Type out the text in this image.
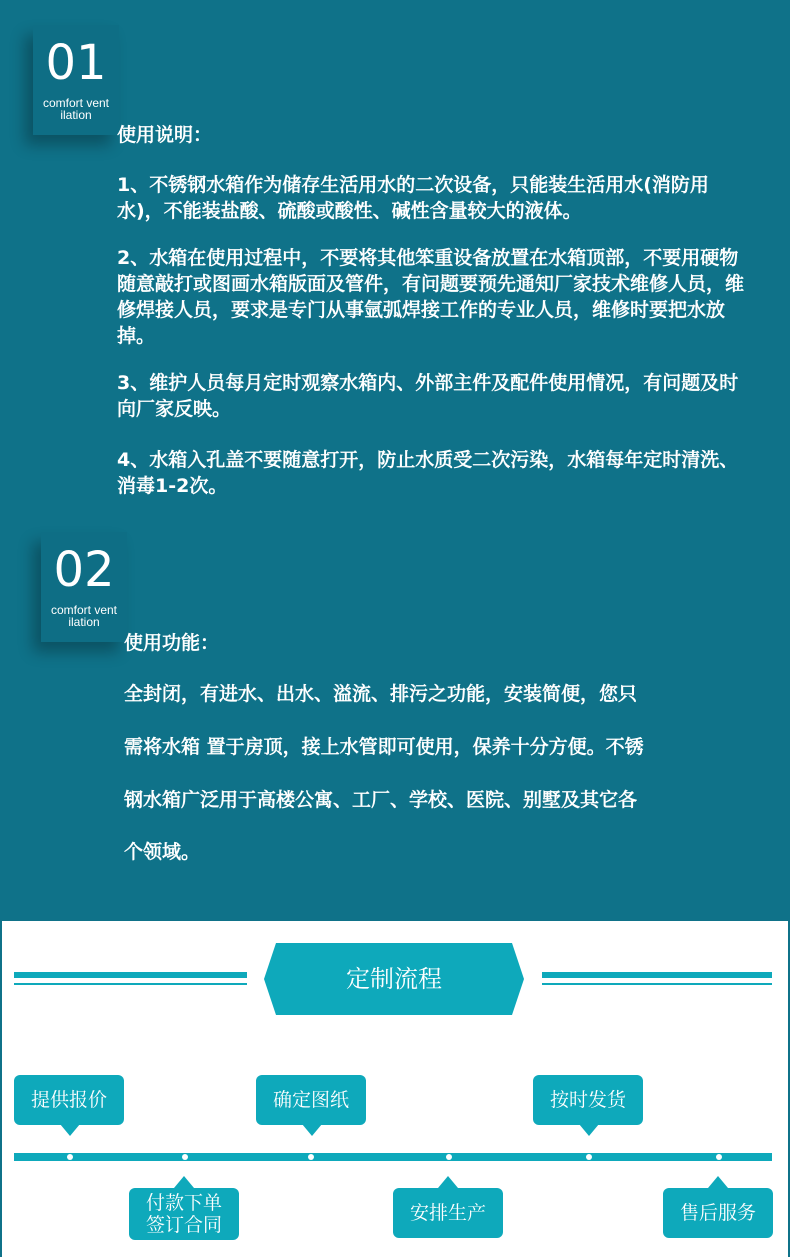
01
comfort vent
ilation
使用说明：
1、不锈钢水箱作为储存生活用水的二次设备，只能装生活用水(消防用水)，不能装盐酸、硫酸或酸性、碱性含量较大的液体。
2、水箱在使用过程中，不要将其他笨重设备放置在水箱顶部，不要用硬物随意敲打或图画水箱版面及管件，有问题要预先通知厂家技术维修人员，维修焊接人员，要求是专门从事氩弧焊接工作的专业人员，维修时要把水放掉。
3、维护人员每月定时观察水箱内、外部主件及配件使用情况，有问题及时向厂家反映。
4、水箱入孔盖不要随意打开，防止水质受二次污染，水箱每年定时清洗、消毒1-2次。
02
comfort vent
ilation
使用功能：
全封闭，有进水、出水、溢流、排污之功能，安装简便，您只
需将水箱 置于房顶，接上水管即可使用，保养十分方便。不锈
钢水箱广泛用于高楼公寓、工厂、学校、医院、别墅及其它各
个领域。
定制流程
提供报价	确定图纸	按时发货
付款下单
签订合同
安排生产	售后服务
